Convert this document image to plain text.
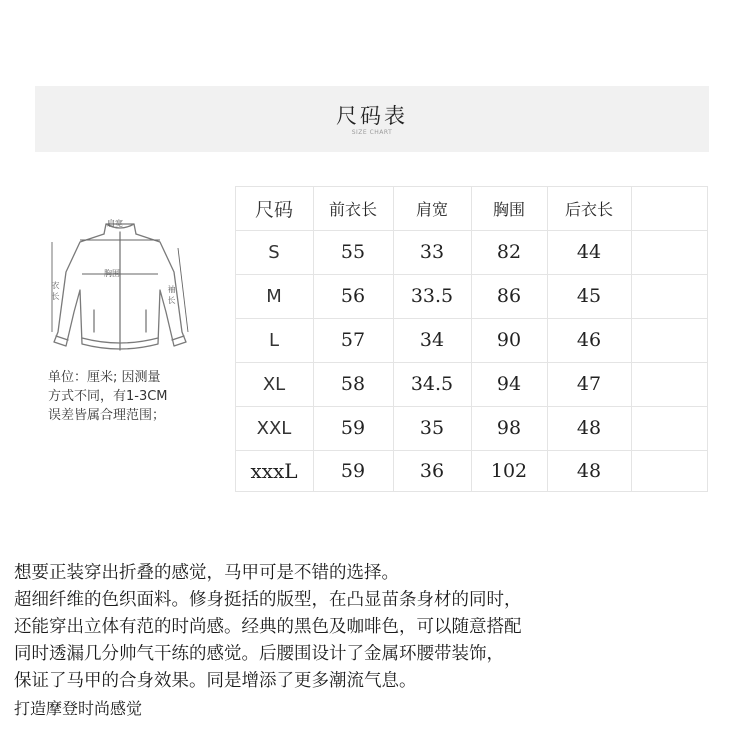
尺码表
SIZE CHART
肩宽
胸围
衣长
袖长
单位：厘米; 因测量
方式不同，有1-3CM
误差皆属合理范围；
尺码	前衣长	肩宽	胸围	后衣长
S	55	33	82	44
M	56	33.5	86	45
L	57	34	90	46
XL	58	34.5	94	47
XXL	59	35	98	48
xxxL	59	36	102	48
想要正装穿出折叠的感觉，马甲可是不错的选择。
超细纤维的色织面料。修身挺括的版型，在凸显苗条身材的同时，
还能穿出立体有范的时尚感。经典的黑色及咖啡色，可以随意搭配
同时透漏几分帅气干练的感觉。后腰围设计了金属环腰带装饰，
保证了马甲的合身效果。同是增添了更多潮流气息。
打造摩登时尚感觉
